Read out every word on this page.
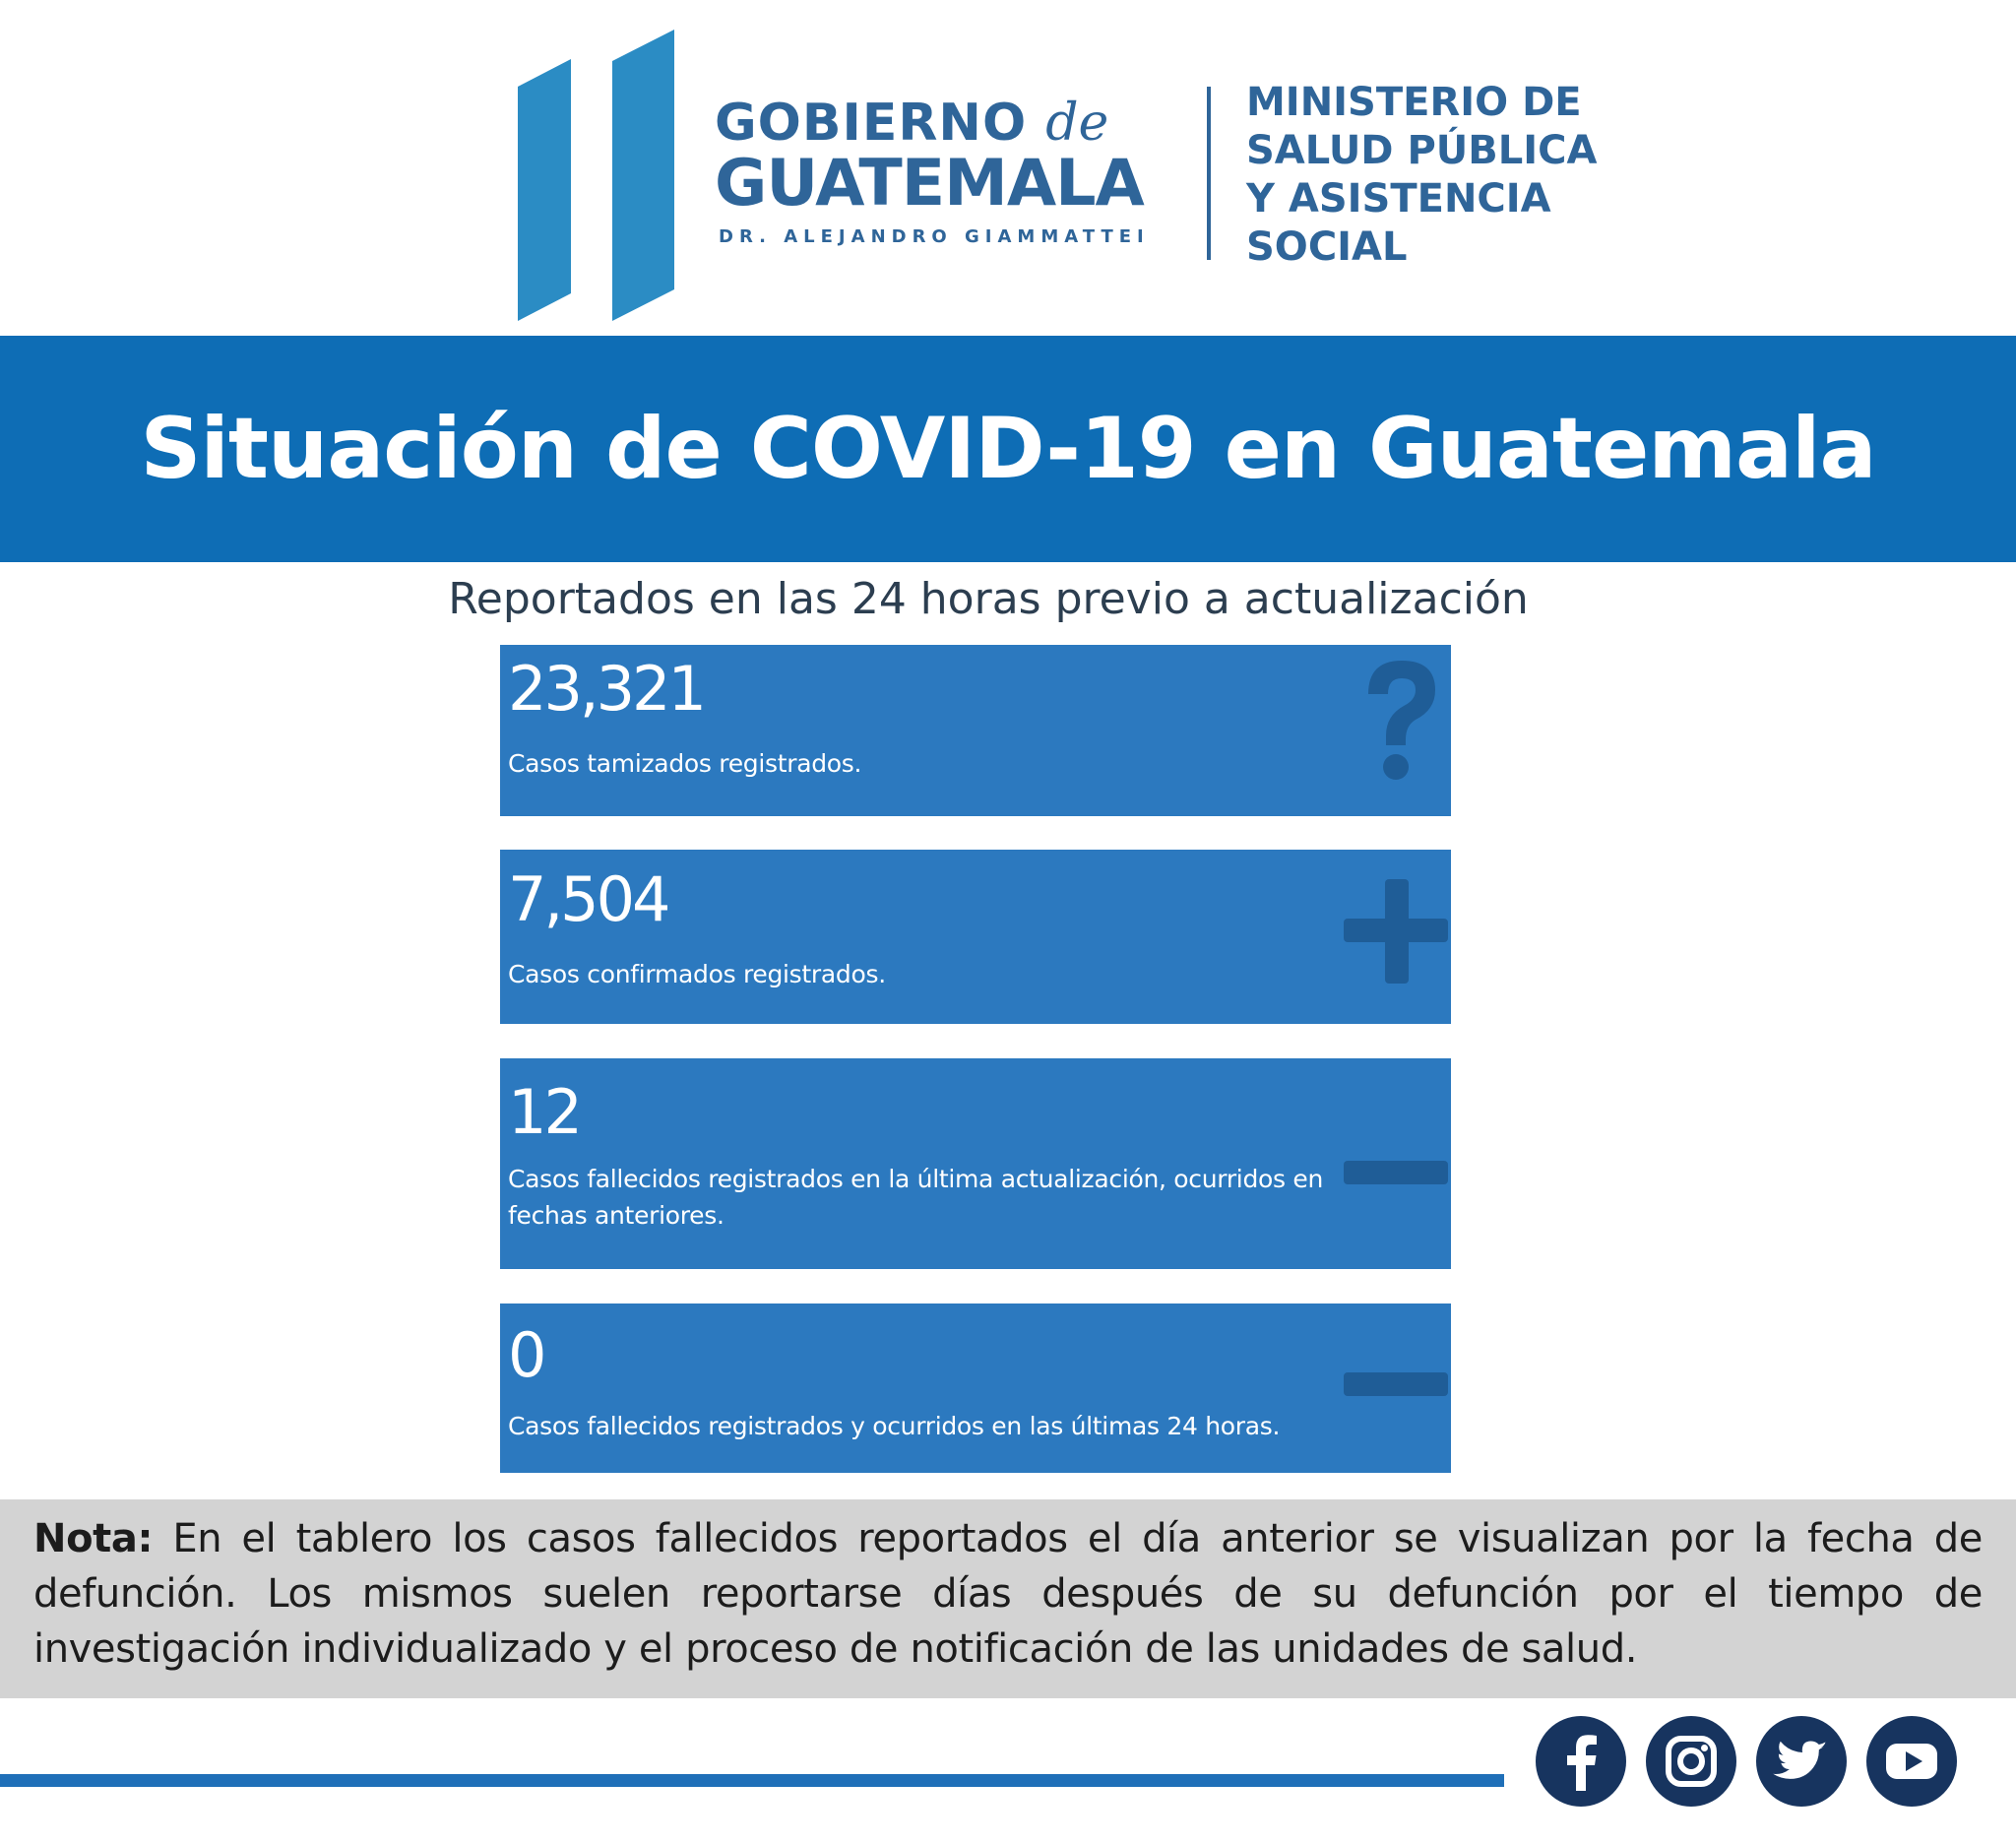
GOBIERNO de
GUATEMALA
DR. ALEJANDRO GIAMMATTEI
MINISTERIO DE
SALUD PÚBLICA
Y ASISTENCIA
SOCIAL
Situación de COVID-19 en Guatemala
Reportados en las 24 horas previo a actualización
23,321
Casos tamizados registrados.
7,504
Casos confirmados registrados.
12
Casos fallecidos registrados en la última actualización, ocurridos en fechas anteriores.
0
Casos fallecidos registrados y ocurridos en las últimas 24 horas.

Nota: En el tablero los casos fallecidos reportados el día anterior se visualizan por la fecha de defunción. Los mismos suelen reportarse días después de su defunción por el tiempo de investigación individualizado y el proceso de notificación de las unidades de salud.
